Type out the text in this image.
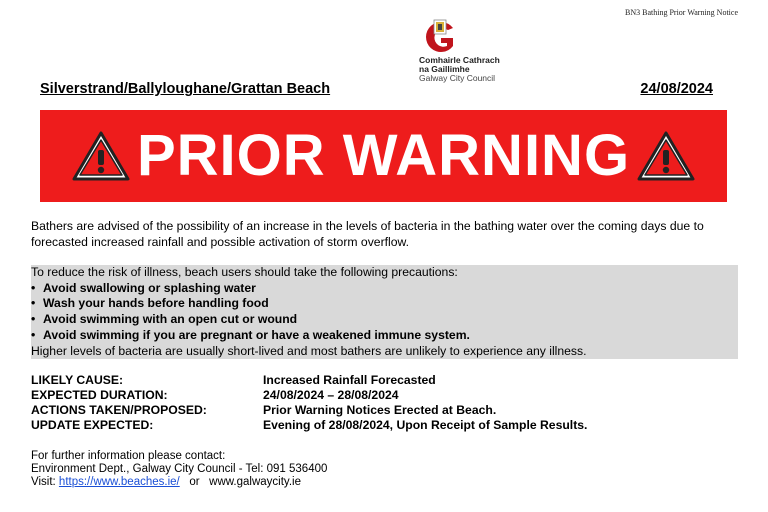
BN3 Bathing Prior Warning Notice
Comhairle Cathrach
na Gaillimhe
Galway City Council
Silverstrand/Ballyloughane/Grattan Beach	24/08/2024
PRIOR WARNING
Bathers are advised of the possibility of an increase in the levels of bacteria in the bathing water over the coming days due to forecasted increased rainfall and possible activation of storm overflow.
To reduce the risk of illness, beach users should take the following precautions:
• Avoid swallowing or splashing water
• Wash your hands before handling food
• Avoid swimming with an open cut or wound
• Avoid swimming if you are pregnant or have a weakened immune system.
Higher levels of bacteria are usually short-lived and most bathers are unlikely to experience any illness.
LIKELY CAUSE:	Increased Rainfall Forecasted
EXPECTED DURATION:	24/08/2024 – 28/08/2024
ACTIONS TAKEN/PROPOSED:	Prior Warning Notices Erected at Beach.
UPDATE EXPECTED:	Evening of 28/08/2024, Upon Receipt of Sample Results.
For further information please contact:
Environment Dept., Galway City Council - Tel: 091 536400
Visit: https://www.beaches.ie/ or www.galwaycity.ie
